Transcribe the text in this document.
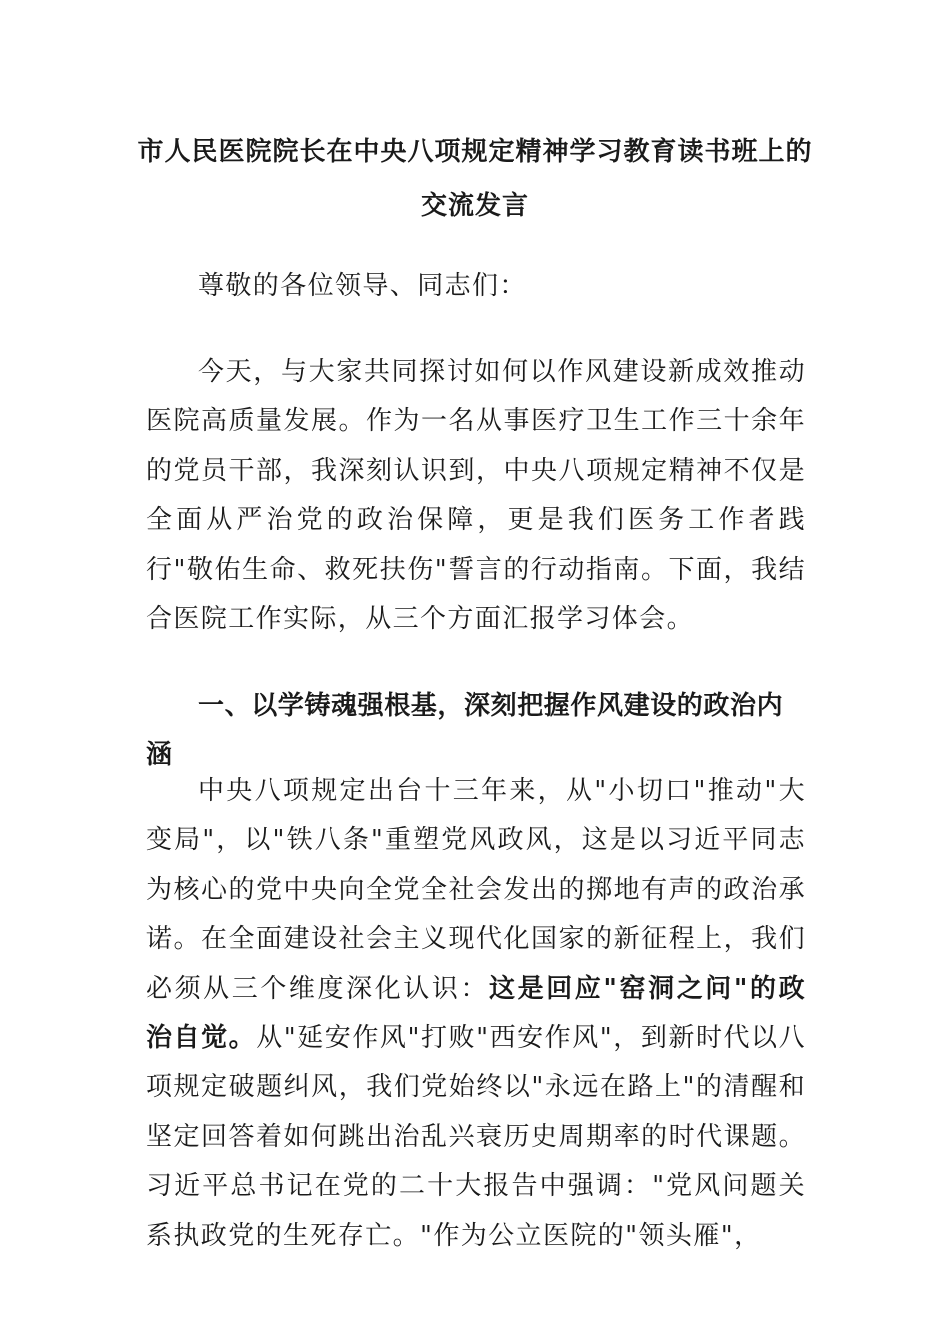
市人民医院院长在中央八项规定精神学习教育读书班上的
交流发言

尊敬的各位领导、同志们：

今天，与大家共同探讨如何以作风建设新成效推动医院高质量发展。作为一名从事医疗卫生工作三十余年的党员干部，我深刻认识到，中央八项规定精神不仅是全面从严治党的政治保障，更是我们医务工作者践行"敬佑生命、救死扶伤"誓言的行动指南。下面，我结合医院工作实际，从三个方面汇报学习体会。

一、以学铸魂强根基，深刻把握作风建设的政治内涵

中央八项规定出台十三年来，从"小切口"推动"大变局"，以"铁八条"重塑党风政风，这是以习近平同志为核心的党中央向全党全社会发出的掷地有声的政治承诺。在全面建设社会主义现代化国家的新征程上，我们必须从三个维度深化认识：这是回应"窑洞之问"的政治自觉。从"延安作风"打败"西安作风"，到新时代以八项规定破题纠风，我们党始终以"永远在路上"的清醒和坚定回答着如何跳出治乱兴衰历史周期率的时代课题。习近平总书记在党的二十大报告中强调："党风问题关系执政党的生死存亡。"作为公立医院的"领头雁"，
